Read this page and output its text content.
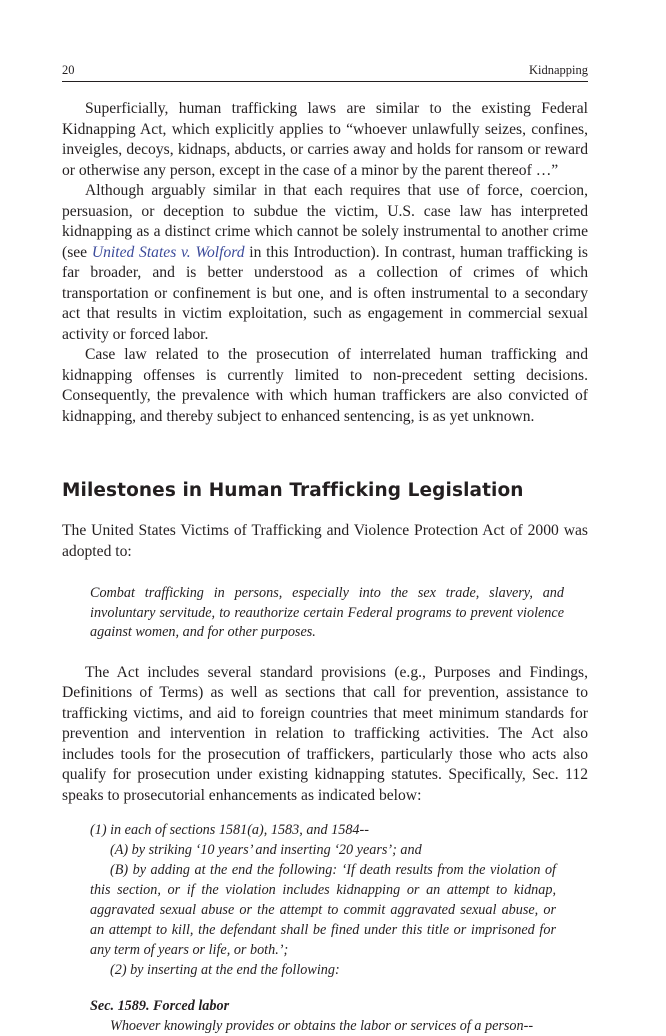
20	Kidnapping

Superficially, human trafficking laws are similar to the existing Federal Kidnapping Act, which explicitly applies to “whoever unlawfully seizes, confines, inveigles, decoys, kidnaps, abducts, or carries away and holds for ransom or reward or otherwise any person, except in the case of a minor by the parent thereof …”

Although arguably similar in that each requires that use of force, coercion, persuasion, or deception to subdue the victim, U.S. case law has interpreted kidnapping as a distinct crime which cannot be solely instrumental to another crime (see United States v. Wolford in this Introduction). In contrast, human trafficking is far broader, and is better understood as a collection of crimes of which transportation or confinement is but one, and is often instrumental to a secondary act that results in victim exploitation, such as engagement in commercial sexual activity or forced labor.

Case law related to the prosecution of interrelated human trafficking and kidnapping offenses is currently limited to non-precedent setting decisions. Consequently, the prevalence with which human traffickers are also convicted of kidnapping, and thereby subject to enhanced sentencing, is as yet unknown.

Milestones in Human Trafficking Legislation

The United States Victims of Trafficking and Violence Protection Act of 2000 was adopted to:

Combat trafficking in persons, especially into the sex trade, slavery, and involuntary servitude, to reauthorize certain Federal programs to prevent violence against women, and for other purposes.

The Act includes several standard provisions (e.g., Purposes and Findings, Definitions of Terms) as well as sections that call for prevention, assistance to trafficking victims, and aid to foreign countries that meet minimum standards for prevention and intervention in relation to trafficking activities. The Act also includes tools for the prosecution of traffickers, particularly those who acts also qualify for prosecution under existing kidnapping statutes. Specifically, Sec. 112 speaks to prosecutorial enhancements as indicated below:

(1) in each of sections 1581(a), 1583, and 1584--
(A) by striking ‘10 years’ and inserting ‘20 years’; and
(B) by adding at the end the following: ‘If death results from the violation of this section, or if the violation includes kidnapping or an attempt to kidnap, aggravated sexual abuse or the attempt to commit aggravated sexual abuse, or an attempt to kill, the defendant shall be fined under this title or imprisoned for any term of years or life, or both.’;
(2) by inserting at the end the following:
Sec. 1589. Forced labor
Whoever knowingly provides or obtains the labor or services of a person--
